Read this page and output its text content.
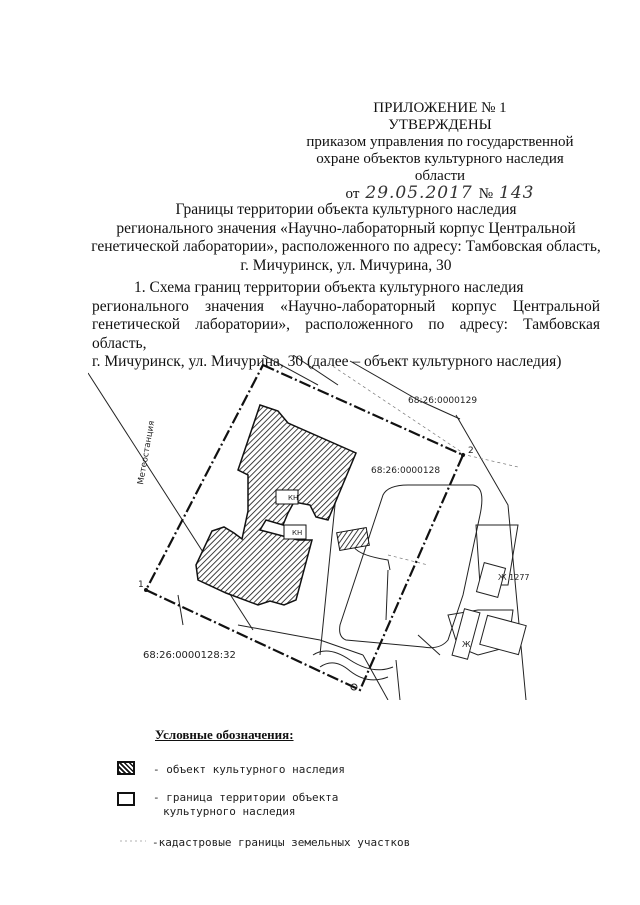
ПРИЛОЖЕНИЕ № 1
УТВЕРЖДЕНЫ
приказом управления по государственной
охране объектов культурного наследия области
от 29.05.2017 № 143
Границы территории объекта культурного наследия
регионального значения «Научно-лабораторный корпус Центральной
генетической лаборатории», расположенного по адресу: Тамбовская область,
г. Мичуринск, ул. Мичурина, 30
1. Схема границ территории объекта культурного наследия
регионального значения «Научно-лабораторный корпус Центральной
генетической лаборатории», расположенного по адресу: Тамбовская область,
г. Мичуринск, ул. Мичурина, 30 (далее – объект культурного наследия)
Метеостанция
68:26:0000129
68:26:0000128
68:26:0000128:32
2
1
КН
КН
Ж 1277
Ж
Условные обозначения:
- объект культурного наследия
- граница территории объекта
культурного наследия
-кадастровые границы земельных участков
